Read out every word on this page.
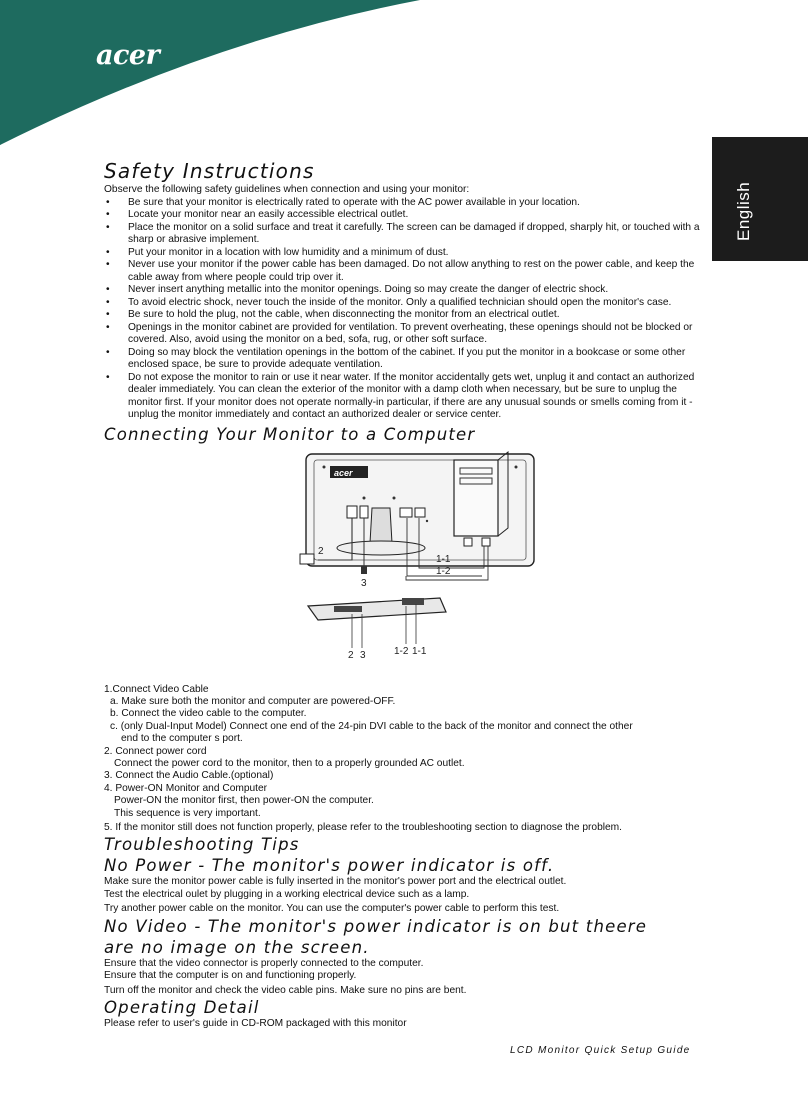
acer
English
Safety Instructions

Observe the following safety guidelines when connection and using your monitor:

• Be sure that your monitor is electrically rated to operate with the AC power available in your location.
• Locate your monitor near an easily accessible electrical outlet.
• Place the monitor on a solid surface and treat it carefully. The screen can be damaged if dropped, sharply hit, or touched with a sharp or abrasive implement.
• Put your monitor in a location with low humidity and a minimum of dust.
• Never use your monitor if the power cable has been damaged. Do not allow anything to rest on the power cable, and keep the cable away from where people could trip over it.
• Never insert anything metallic into the monitor openings. Doing so may create the danger of electric shock.
• To avoid electric shock, never touch the inside of the monitor. Only a qualified technician should open the monitor's case.
• Be sure to hold the plug, not the cable, when disconnecting the monitor from an electrical outlet.
• Openings in the monitor cabinet are provided for ventilation. To prevent overheating, these openings should not be blocked or covered. Also, avoid using the monitor on a bed, sofa, rug, or other soft surface.
• Doing so may block the ventilation openings in the bottom of the cabinet. If you put the monitor in a bookcase or some other enclosed space, be sure to provide adequate ventilation.
• Do not expose the monitor to rain or use it near water. If the monitor accidentally gets wet, unplug it and contact an authorized dealer immediately. You can clean the exterior of the monitor with a damp cloth when necessary, but be sure to unplug the monitor first. If your monitor does not operate normally-in particular, if there are any unusual sounds or smells coming from it -unplug the monitor immediately and contact an authorized dealer or service center.
Connecting Your Monitor to a Computer
acer
1-1
1-2
2
3
2 3	1-2 1-1

1.Connect Video Cable

a. Make sure both the monitor and computer are powered-OFF.

b. Connect the video cable to the computer.

c. (only Dual-Input Model) Connect one end of the 24-pin DVI cable to the back of the monitor and connect the other

end to the computer s port.

2. Connect power cord

Connect the power cord to the monitor, then to a properly grounded AC outlet.

3. Connect the Audio Cable.(optional)

4. Power-ON Monitor and Computer

Power-ON the monitor first, then power-ON the computer.

This sequence is very important.

5. If the monitor still does not function properly, please refer to the troubleshooting section to diagnose the problem.

Troubleshooting Tips
No Power - The monitor's power indicator is off.

Make sure the monitor power cable is fully inserted in the monitor's power port and the electrical outlet.

Test the electrical oulet by plugging in a working electrical device such as a lamp.

Try another power cable on the monitor. You can use the computer's power cable to perform this test.

No Video - The monitor's power indicator is on but theere are no image on the screen.

Ensure that the video connector is properly connected to the computer.

Ensure that the computer is on and functioning properly.

Turn off the monitor and check the video cable pins. Make sure no pins are bent.

Operating Detail

Please refer to user's guide in CD-ROM packaged with this monitor

LCD Monitor Quick Setup Guide
